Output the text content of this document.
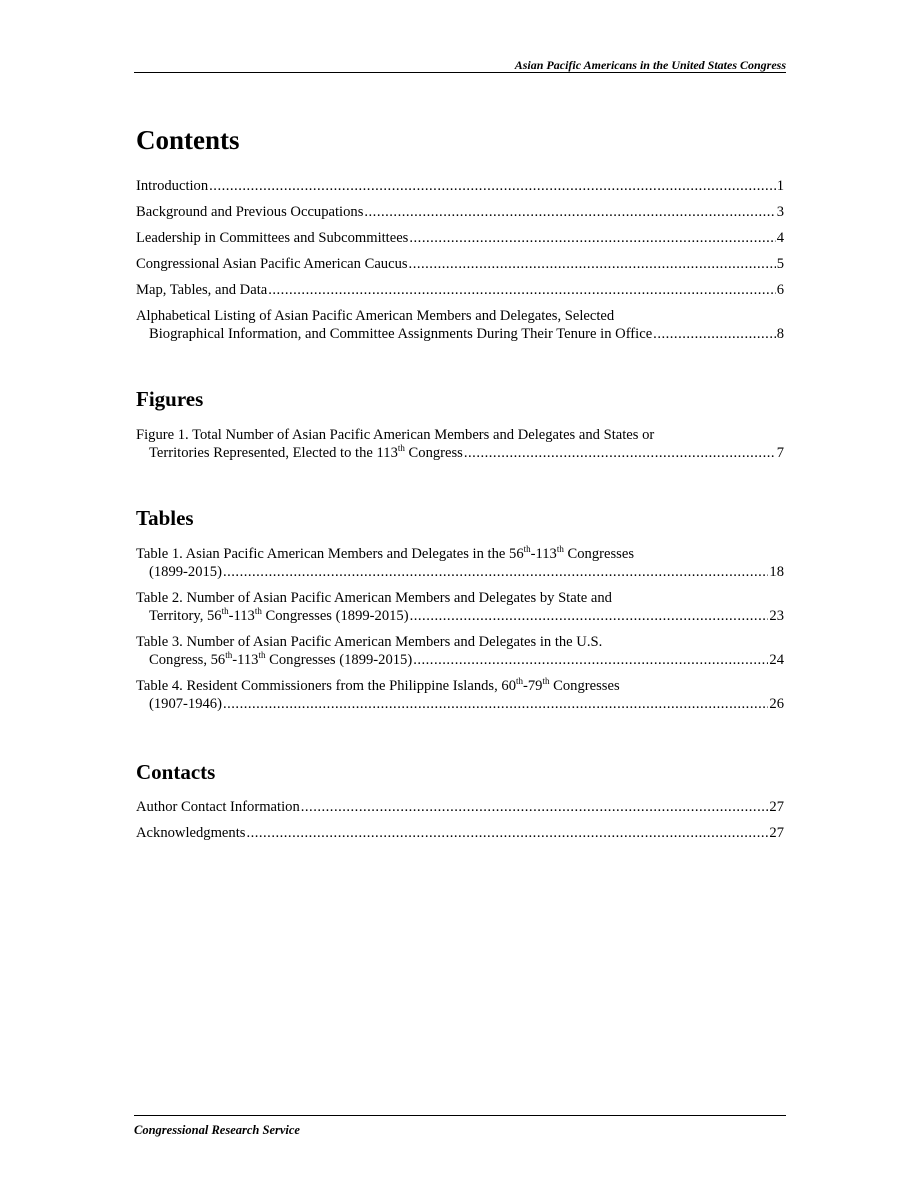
Asian Pacific Americans in the United States Congress
Contents
Introduction .....	1
Background and Previous Occupations .....	3
Leadership in Committees and Subcommittees .....	4
Congressional Asian Pacific American Caucus .....	5
Map, Tables, and Data .....	6
Alphabetical Listing of Asian Pacific American Members and Delegates, Selected
Biographical Information, and Committee Assignments During Their Tenure in Office .....	8
Figures
Figure 1. Total Number of Asian Pacific American Members and Delegates and States or
Territories Represented, Elected to the 113th Congress .....	7
Tables
Table 1. Asian Pacific American Members and Delegates in the 56th-113th Congresses
(1899-2015) .....	18
Table 2. Number of Asian Pacific American Members and Delegates by State and
Territory, 56th-113th Congresses (1899-2015) .....	23
Table 3. Number of Asian Pacific American Members and Delegates in the U.S.
Congress, 56th-113th Congresses (1899-2015) .....	24
Table 4. Resident Commissioners from the Philippine Islands, 60th-79th Congresses
(1907-1946) .....	26
Contacts
Author Contact Information .....	27
Acknowledgments .....	27
Congressional Research Service
